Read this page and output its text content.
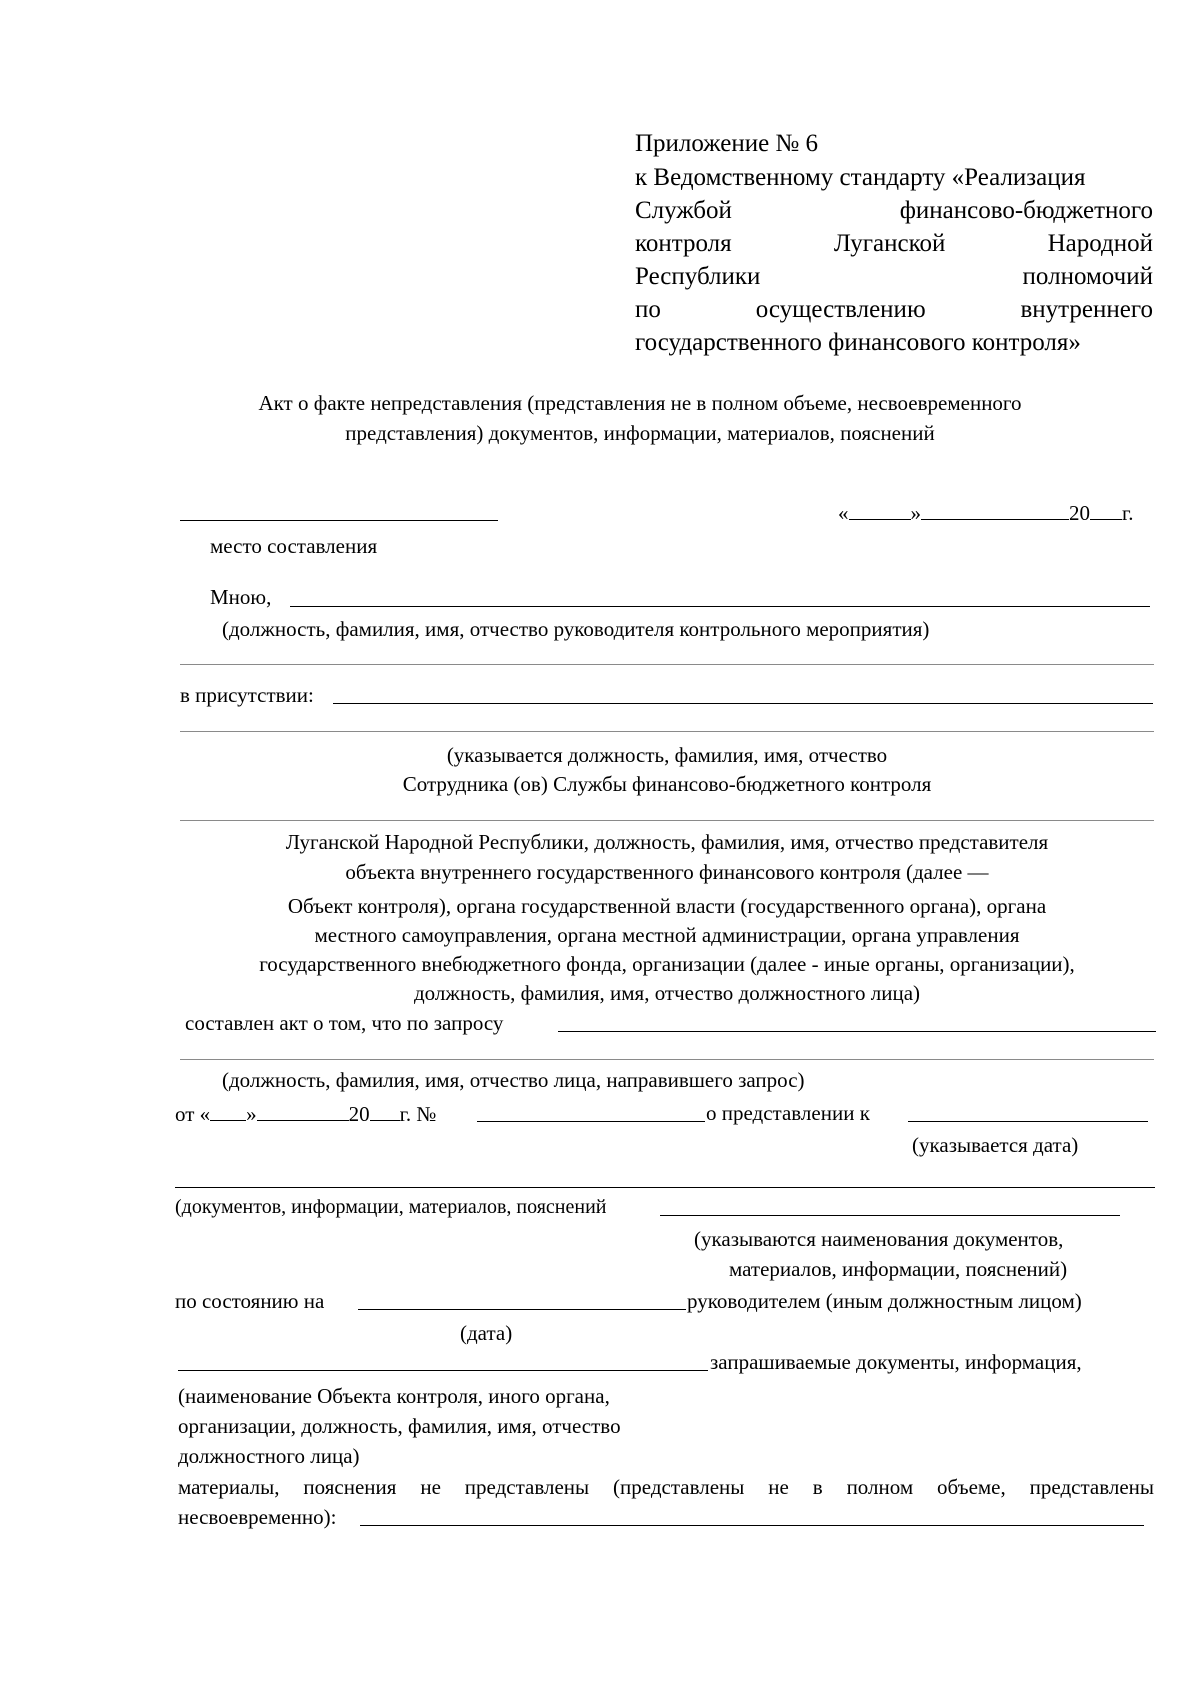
Приложение № 6
к Ведомственному стандарту «Реализация
Службой финансово-бюджетного
контроля Луганской Народной
Республики полномочий
по осуществлению внутреннего
государственного финансового контроля»
Акт о факте непредставления (представления не в полном объеме, несвоевременного
представления) документов, информации, материалов, пояснений
«	»	20 г.
место составления
Мною,
(должность, фамилия, имя, отчество руководителя контрольного мероприятия)
в присутствии:
(указывается должность, фамилия, имя, отчество
Сотрудника (ов) Службы финансово-бюджетного контроля
Луганской Народной Республики, должность, фамилия, имя, отчество представителя
объекта внутреннего государственного финансового контроля (далее —
Объект контроля), органа государственной власти (государственного органа), органа
местного самоуправления, органа местной администрации, органа управления
государственного внебюджетного фонда, организации (далее - иные органы, организации),
должность, фамилия, имя, отчество должностного лица)
составлен акт о том, что по запросу
(должность, фамилия, имя, отчество лица, направившего запрос)
от « »	20 г. №	о представлении к
(указывается дата)
(документов, информации, материалов, пояснений
(указываются наименования документов,
материалов, информации, пояснений)
по состоянию на	руководителем (иным должностным лицом)
(дата)
запрашиваемые документы, информация,
(наименование Объекта контроля, иного органа,
организации, должность, фамилия, имя, отчество
должностного лица)
материалы, пояснения не представлены (представлены не в полном объеме, представлены
несвоевременно):
